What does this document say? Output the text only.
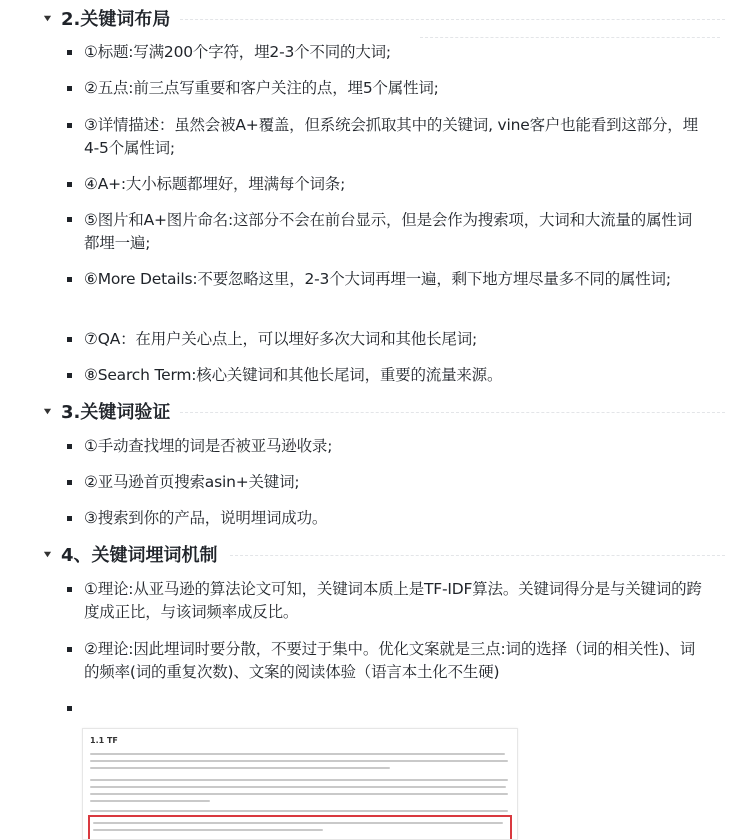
2.关键词布局
①标题:写满200个字符，埋2-3个不同的大词;
②五点:前三点写重要和客户关注的点，埋5个属性词;
③详情描述：虽然会被A+覆盖，但系统会抓取其中的关键词, vine客户也能看到这部分，埋4-5个属性词;
④A+:大小标题都埋好，埋满每个词条;
⑤图片和A+图片命名:这部分不会在前台显示，但是会作为搜索项，大词和大流量的属性词都埋一遍;
⑥More Details:不要忽略这里，2-3个大词再埋一遍，剩下地方埋尽量多不同的属性词;
⑦QA：在用户关心点上，可以埋好多次大词和其他长尾词;
⑧Search Term:核心关键词和其他长尾词，重要的流量来源。
3.关键词验证
①手动查找埋的词是否被亚马逊收录;
②亚马逊首页搜索asin+关键词;
③搜索到你的产品，说明埋词成功。
4、关键词埋词机制
①理论:从亚马逊的算法论文可知，关键词本质上是TF-IDF算法。关键词得分是与关键词的跨度成正比，与该词频率成反比。
②理论:因此埋词时要分散，不要过于集中。优化文案就是三点:词的选择（词的相关性)、词的频率(词的重复次数)、文案的阅读体验（语言本土化不生硬)
1.1 TF
